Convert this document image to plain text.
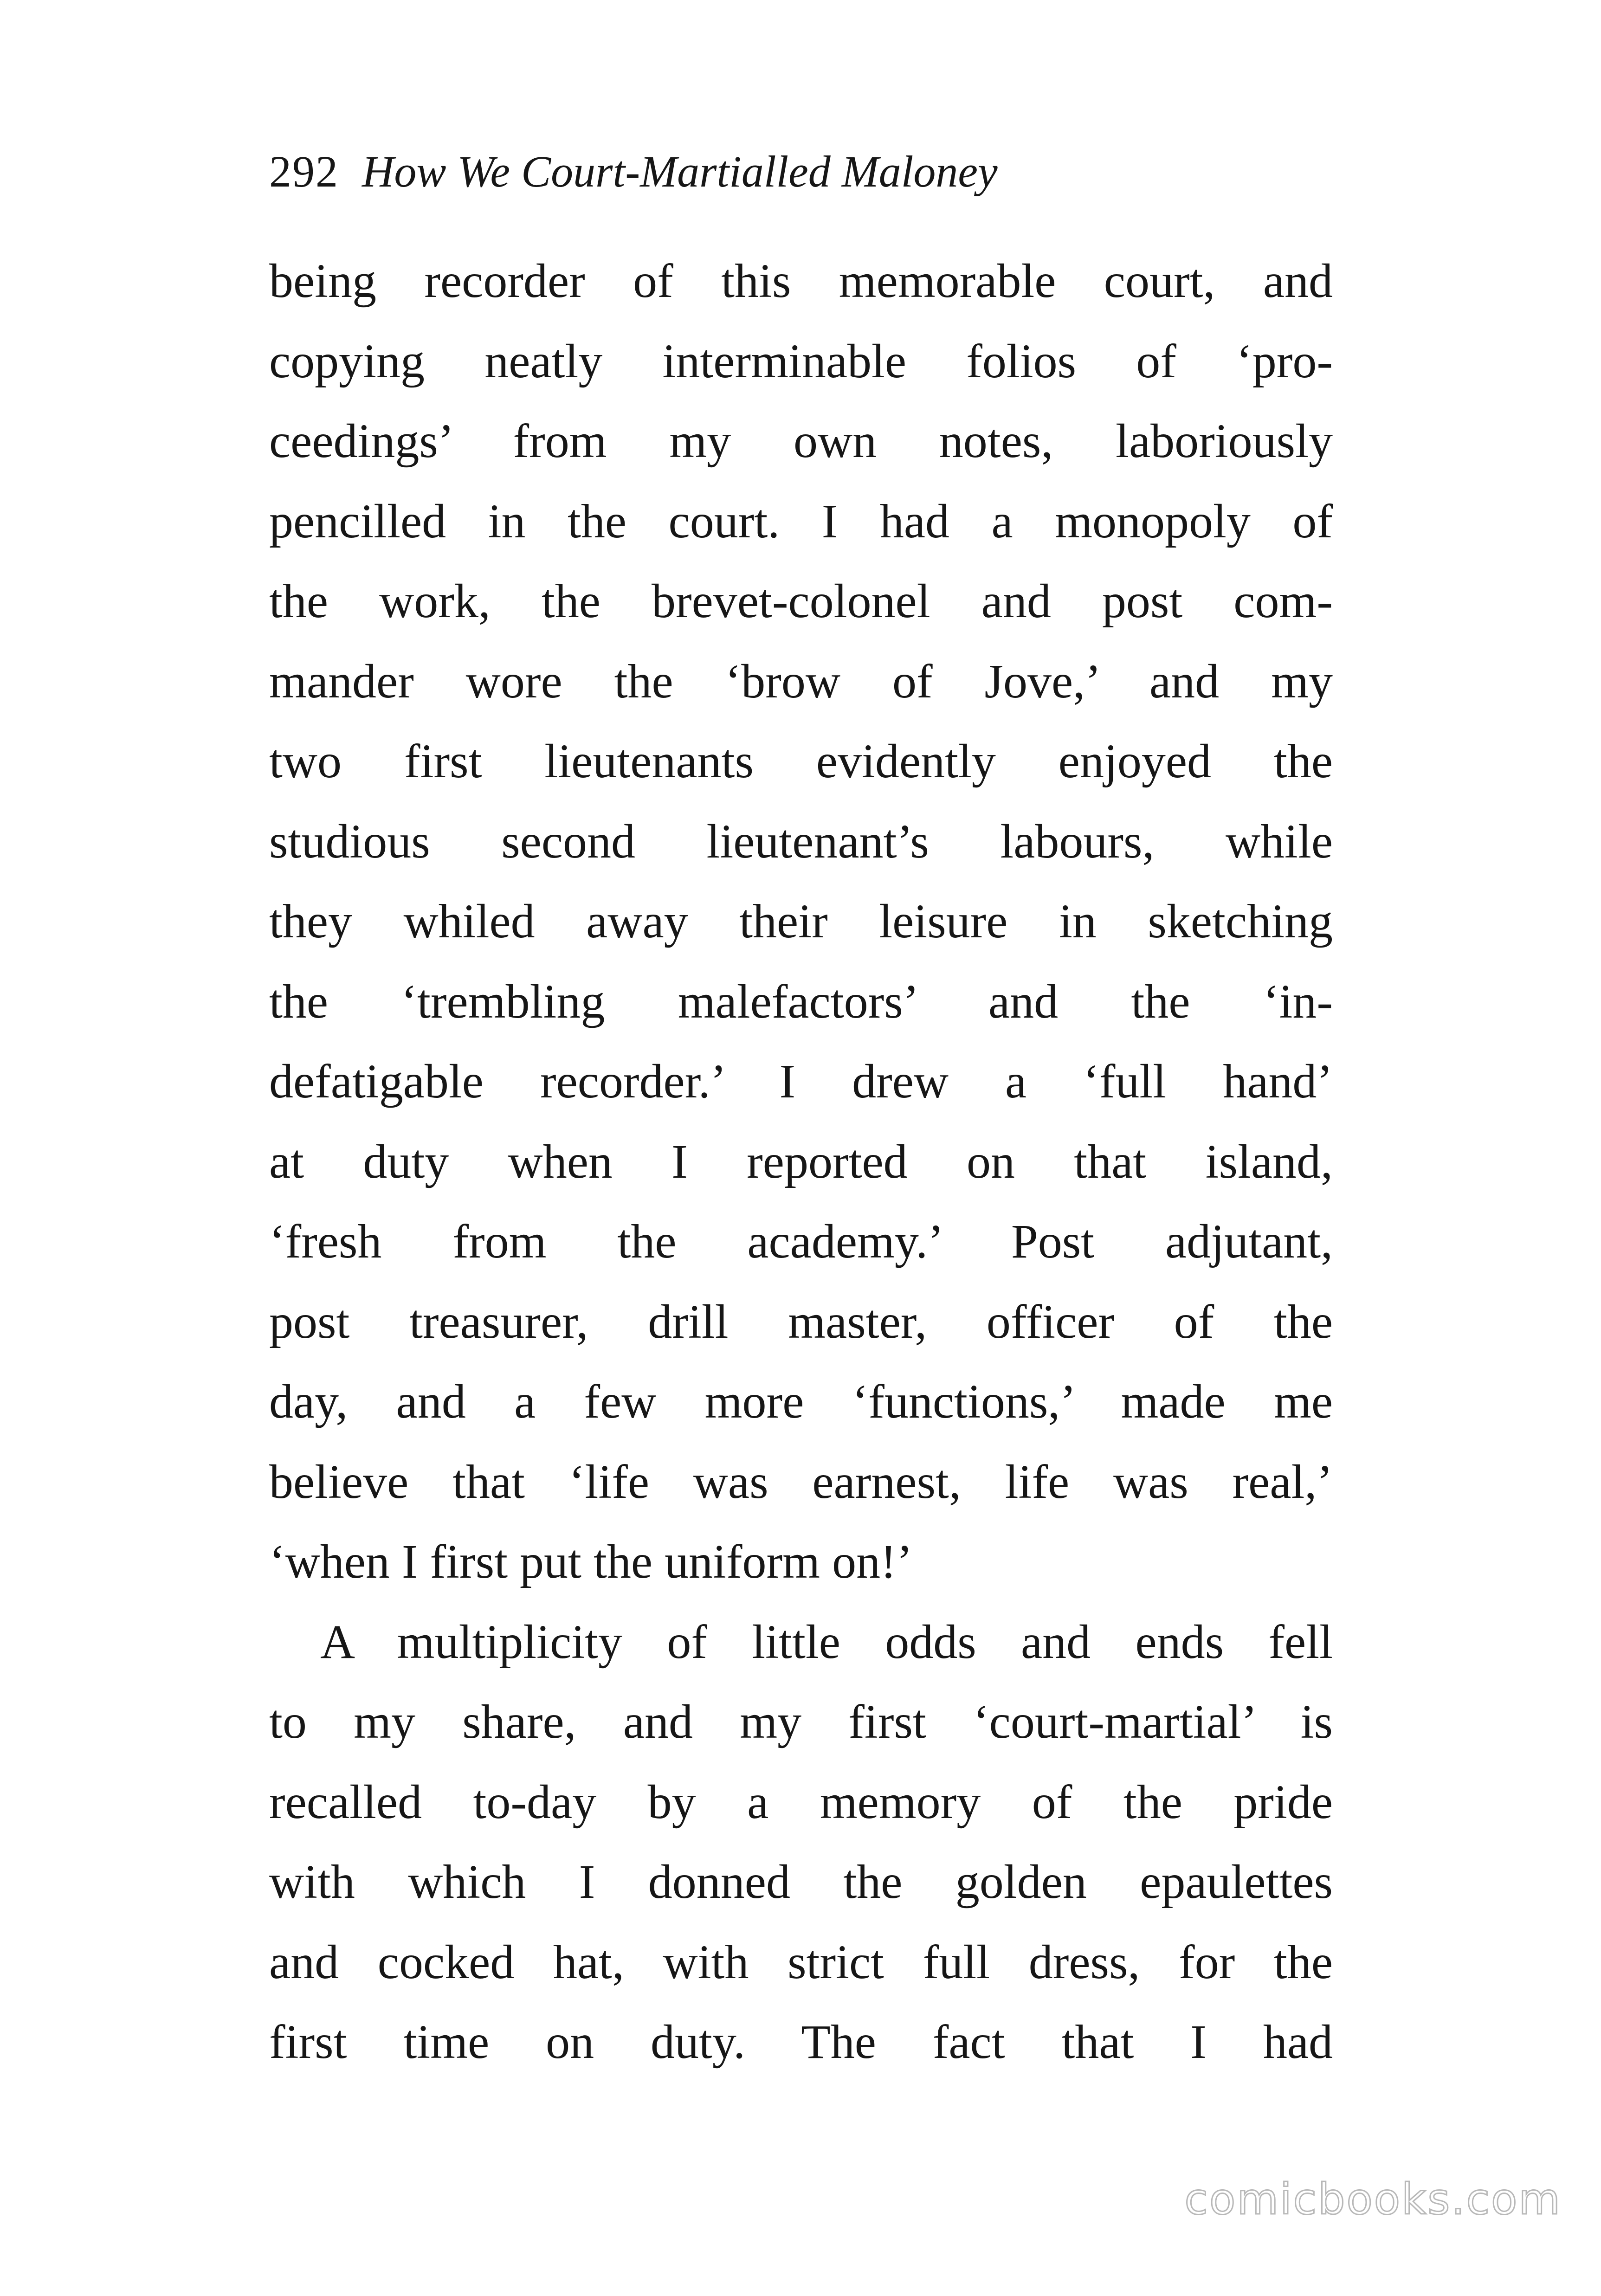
292 How We Court-Martialled Maloney
being recorder of this memorable court, and
copying neatly interminable folios of ‘pro-
ceedings’ from my own notes, laboriously
pencilled in the court. I had a monopoly of
the work, the brevet-colonel and post com-
mander wore the ‘brow of Jove,’ and my
two first lieutenants evidently enjoyed the
studious second lieutenant’s labours, while
they whiled away their leisure in sketching
the ‘trembling malefactors’ and the ‘in-
defatigable recorder.’ I drew a ‘full hand’
at duty when I reported on that island,
‘fresh from the academy.’ Post adjutant,
post treasurer, drill master, officer of the
day, and a few more ‘functions,’ made me
believe that ‘life was earnest, life was real,’
‘when I first put the uniform on!’
A multiplicity of little odds and ends fell
to my share, and my first ‘court-martial’ is
recalled to-day by a memory of the pride
with which I donned the golden epaulettes
and cocked hat, with strict full dress, for the
first time on duty. The fact that I had
comicbooks.com
